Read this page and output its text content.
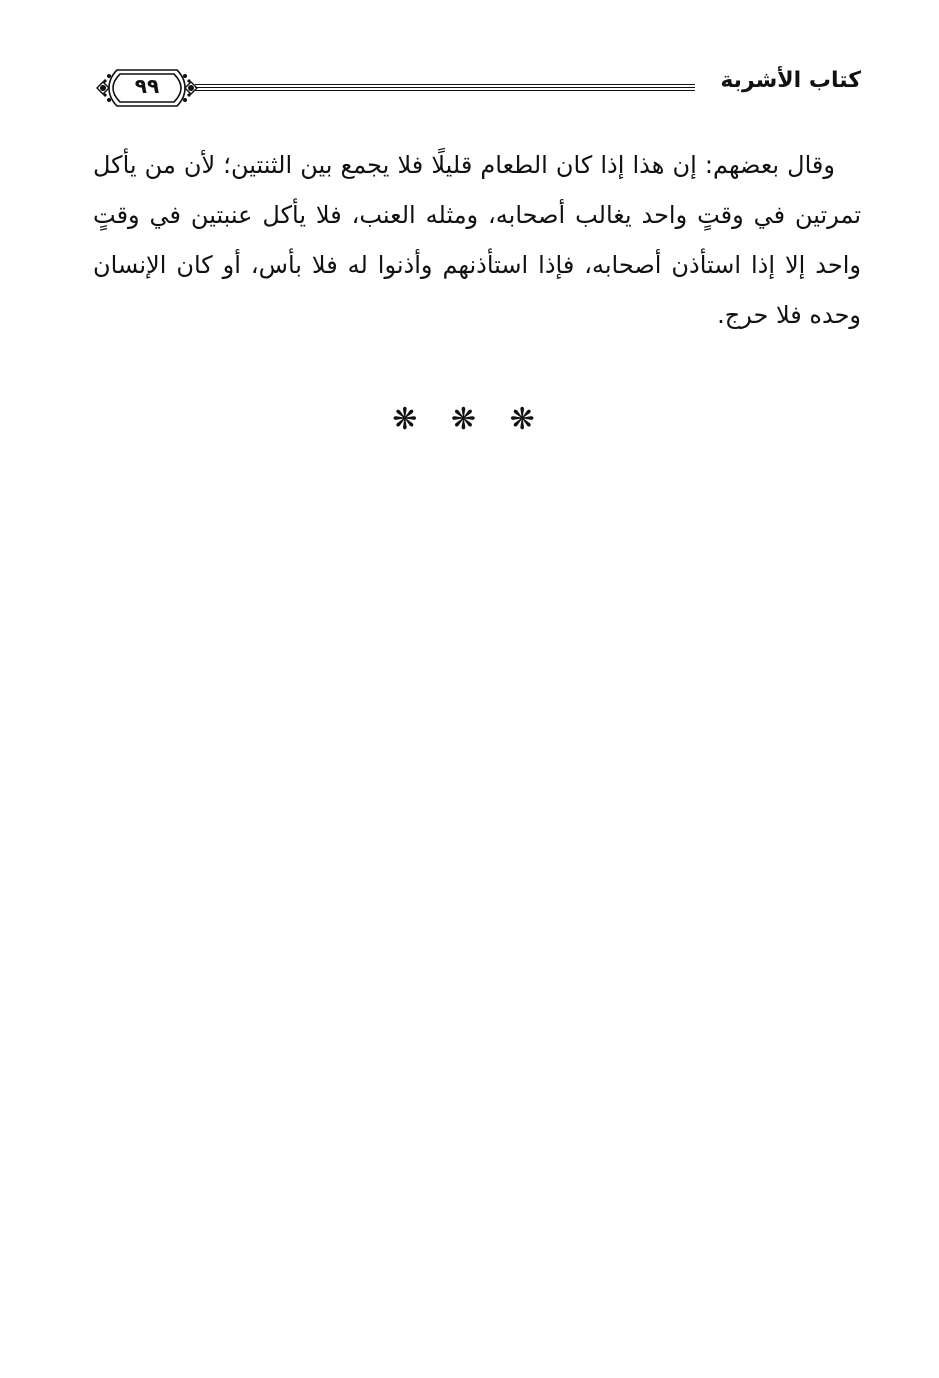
٩٩	كتاب الأشربة

وقال بعضهم: إن هذا إذا كان الطعام قليلًا فلا يجمع بين الثنتين؛ لأن من يأكل تمرتين في وقتٍ واحد يغالب أصحابه، ومثله العنب، فلا يأكل عنبتين في وقتٍ واحد إلا إذا استأذن أصحابه، فإذا استأذنهم وأذنوا له فلا بأس، أو كان الإنسان وحده فلا حرج.

❋ ❋ ❋
